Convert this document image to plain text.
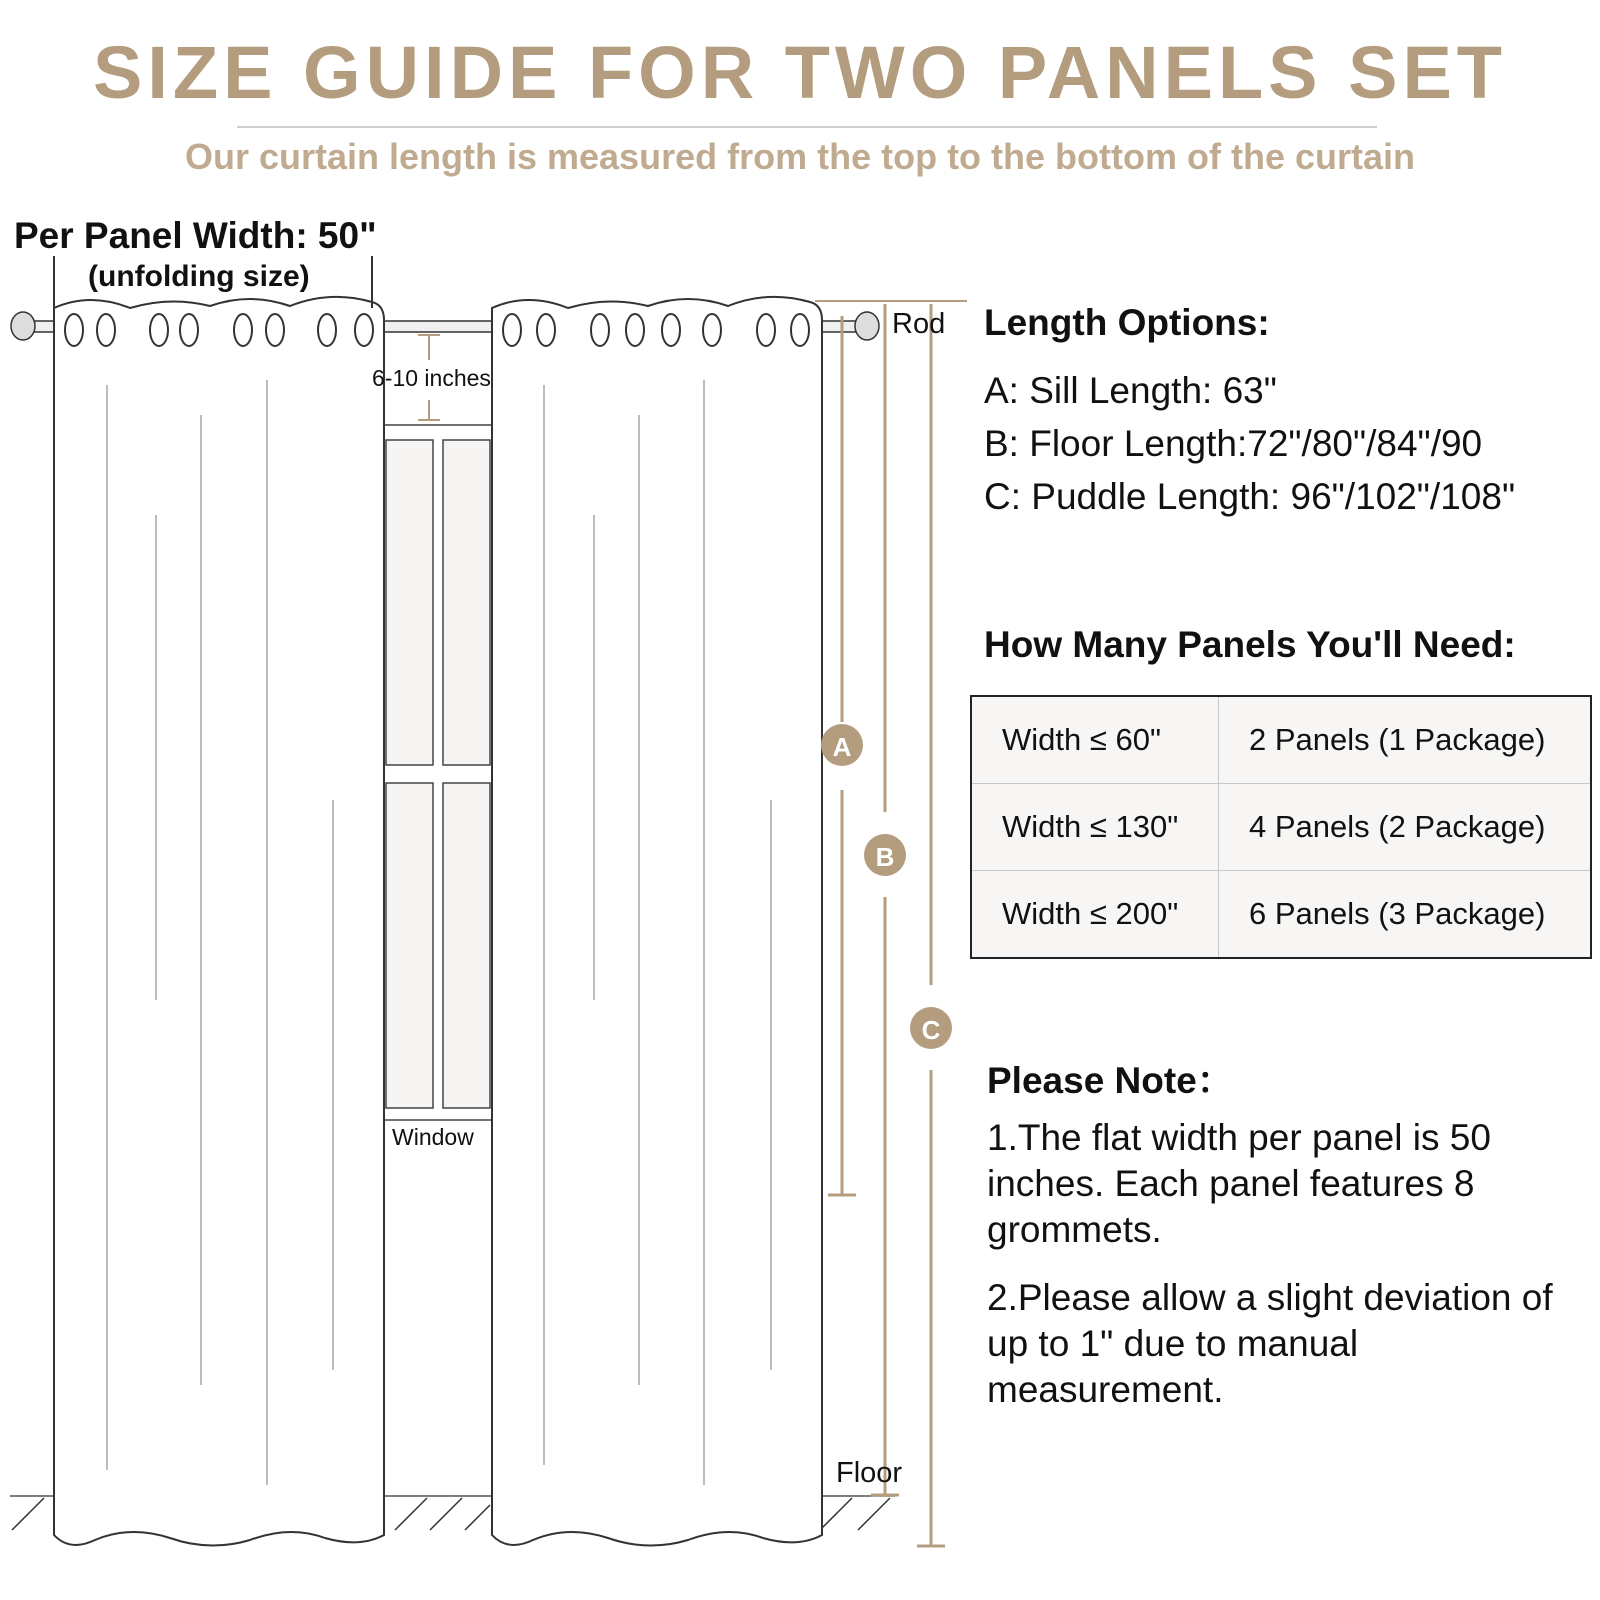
SIZE GUIDE FOR TWO PANELS SET
Our curtain length is measured from the top to the bottom of the curtain
Per Panel Width: 50"
(unfolding size)
6-10 inches
Window
A
B
C
Rod
Floor
Length Options:
A: Sill Length: 63"
B: Floor Length:72"/80"/84"/90
C: Puddle Length: 96"/102"/108"
How Many Panels You'll Need:
Width ≤ 60"	2 Panels (1 Package)
Width ≤ 130"	4 Panels (2 Package)
Width ≤ 200"	6 Panels (3 Package)
Please Note：
1.The flat width per panel is 50 inches. Each panel features 8 grommets.
2.Please allow a slight deviation of up to 1" due to manual measurement.
